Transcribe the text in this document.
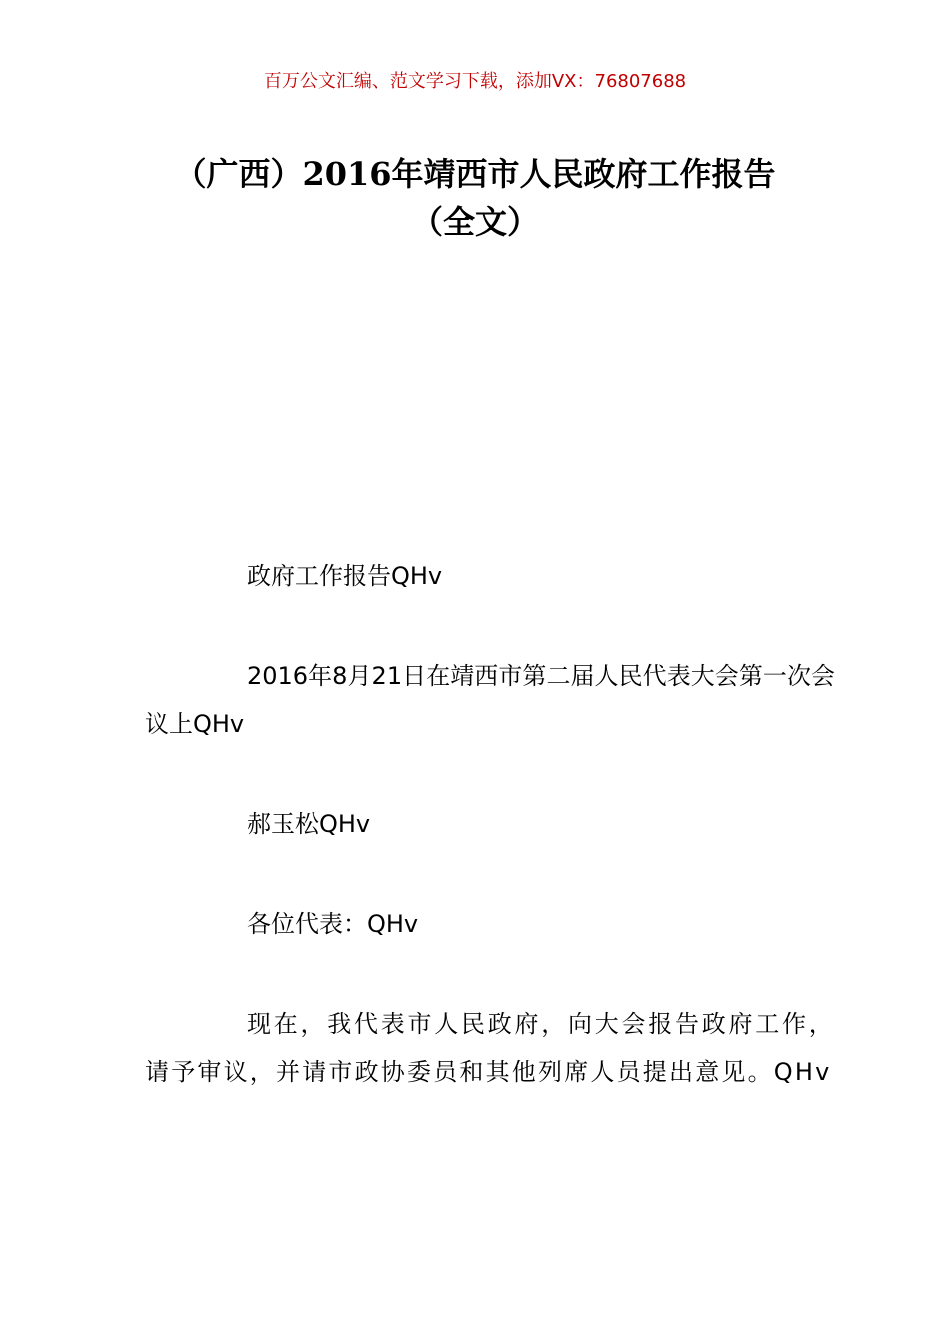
百万公文汇编、范文学习下载，添加VX：76807688
（广西）2016年靖西市人民政府工作报告
（全文）

政府工作报告QHv

2016年8月21日在靖西市第二届人民代表大会第一次会议上QHv

郝玉松QHv

各位代表：QHv

现在，我代表市人民政府，向大会报告政府工作，请予审议，并请市政协委员和其他列席人员提出意见。QHv
